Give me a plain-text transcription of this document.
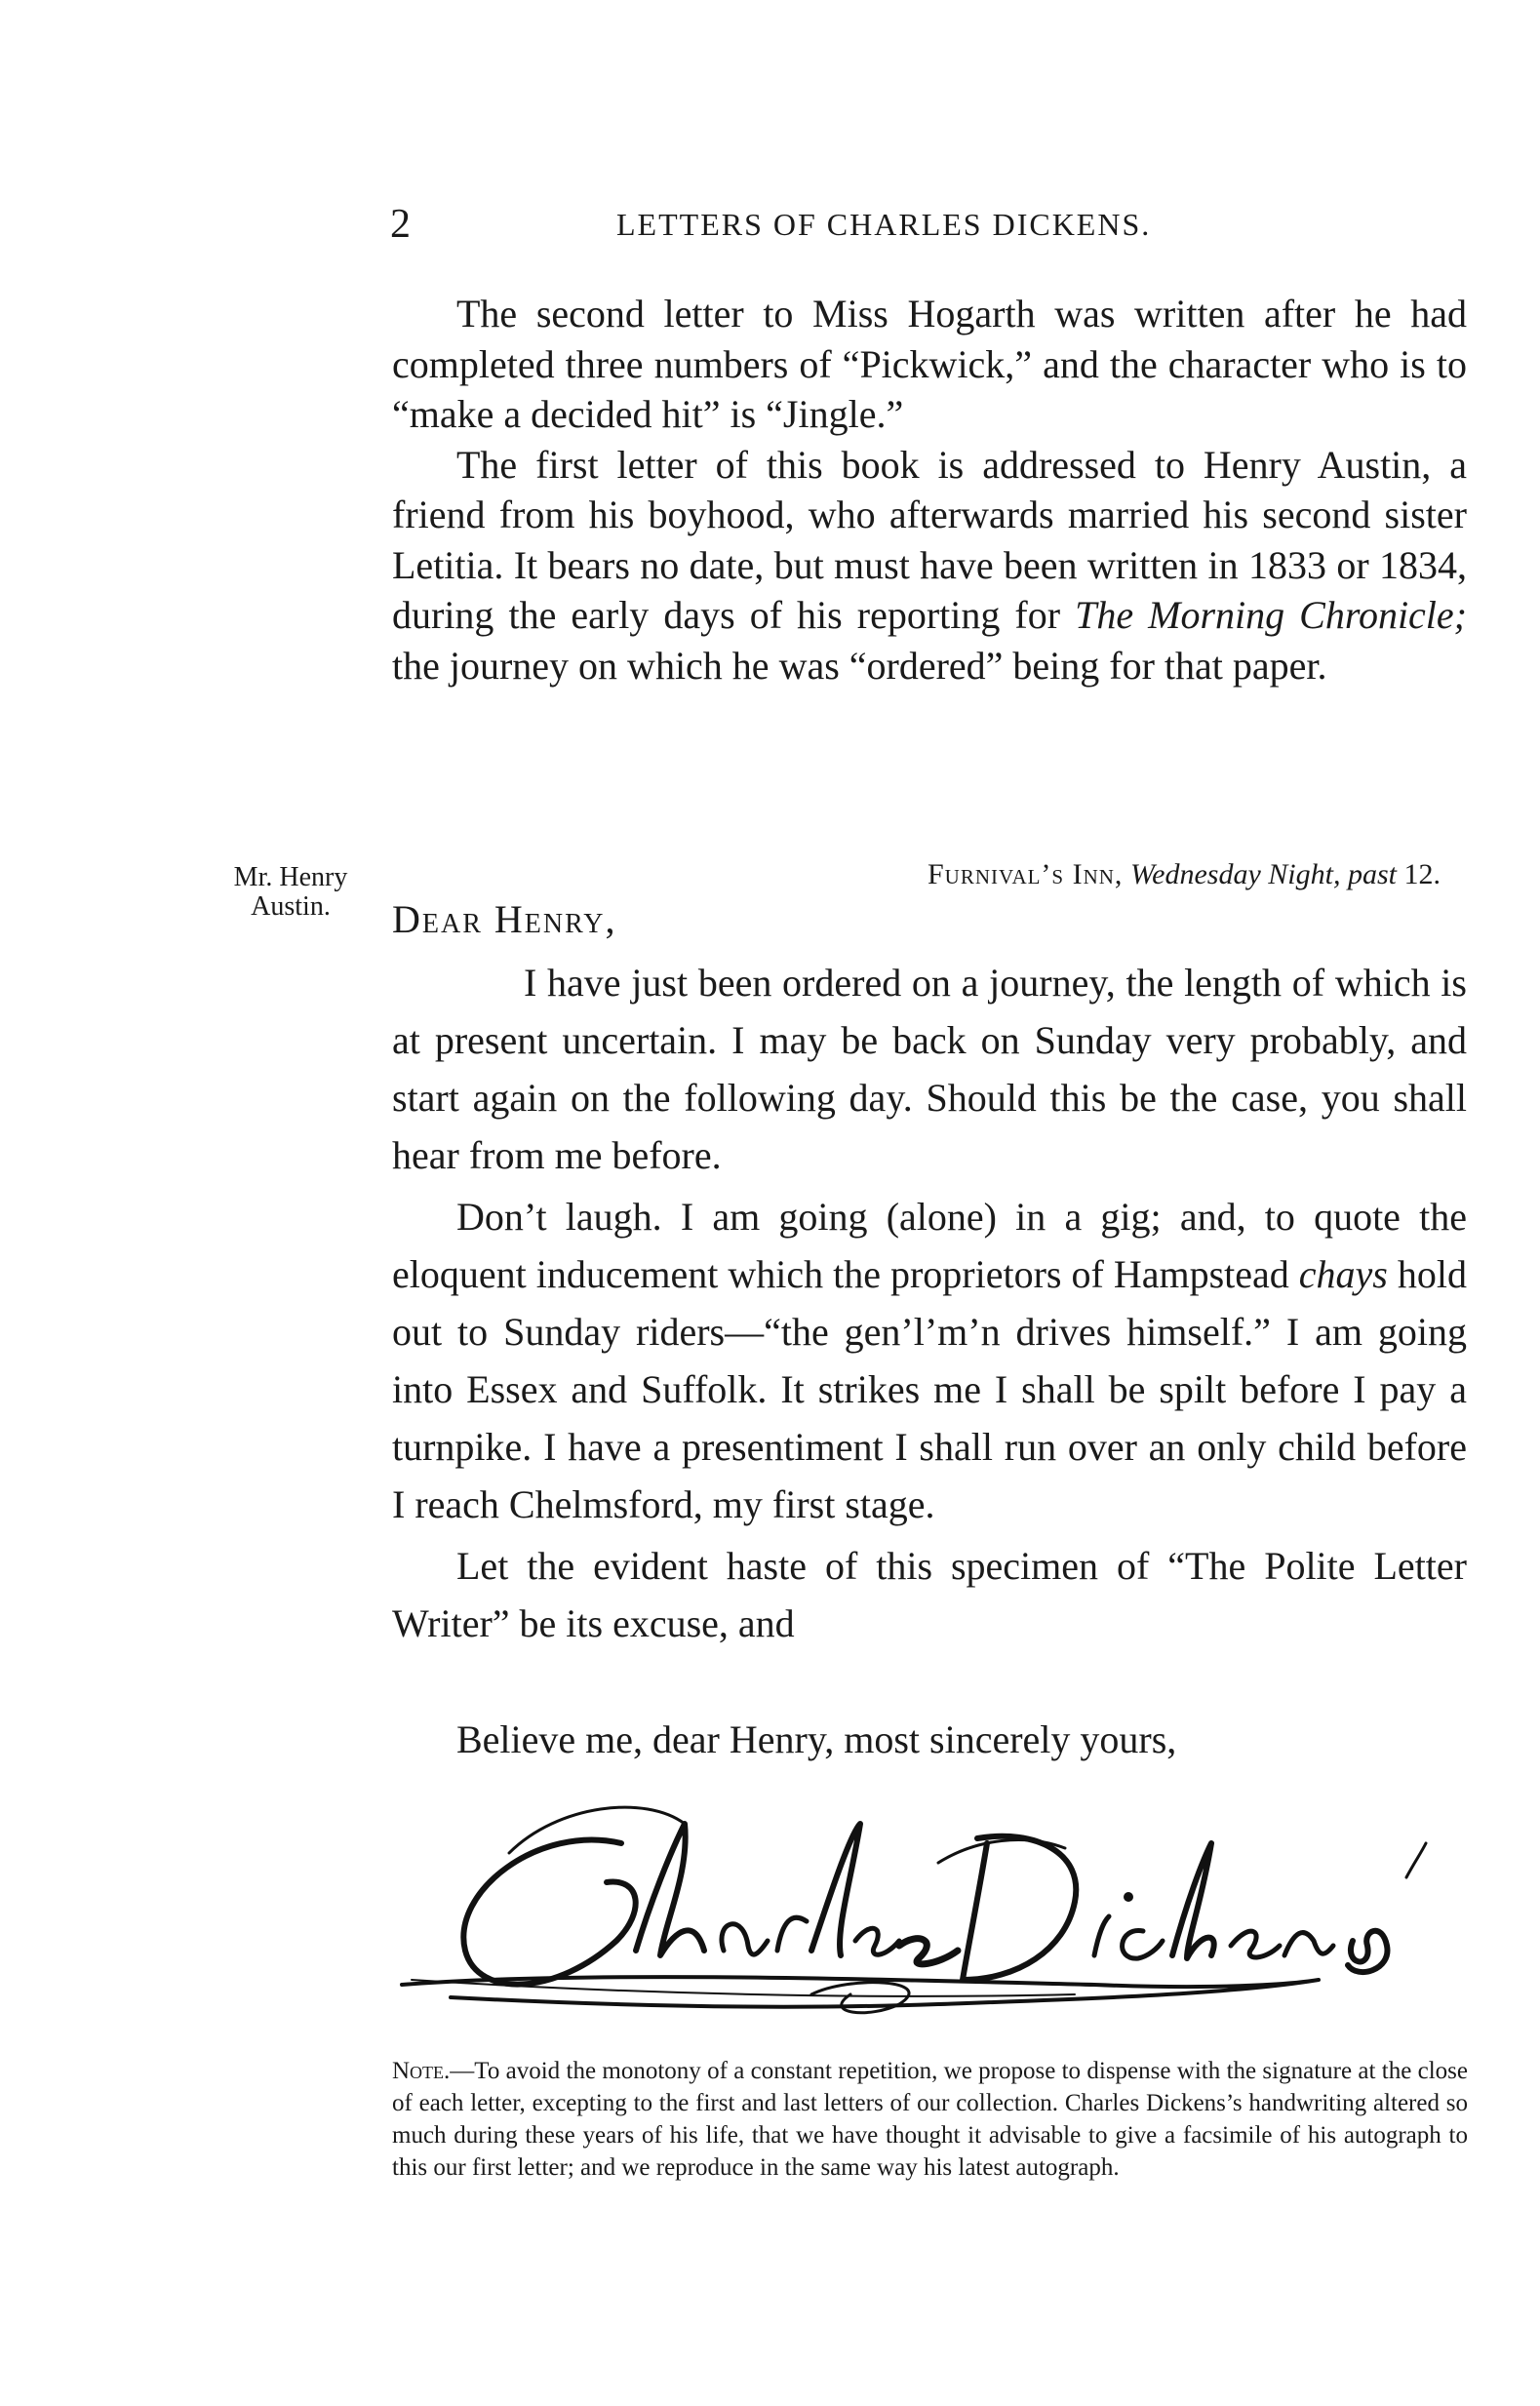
2	LETTERS OF CHARLES DICKENS.

The second letter to Miss Hogarth was written after he had completed three numbers of “Pickwick,” and the character who is to “make a decided hit” is “Jingle.”

The first letter of this book is addressed to Henry Austin, a friend from his boyhood, who afterwards married his second sister Letitia. It bears no date, but must have been written in 1833 or 1834, during the early days of his reporting for The Morning Chronicle; the journey on which he was “ordered” being for that paper.

Mr. Henry
Austin.
Furnival’s Inn, Wednesday Night, past 12.
Dear Henry,

I have just been ordered on a journey, the length of which is at present uncertain. I may be back on Sunday very probably, and start again on the following day. Should this be the case, you shall hear from me before.

Don’t laugh. I am going (alone) in a gig; and, to quote the eloquent inducement which the proprietors of Hampstead chays hold out to Sunday riders—“the gen’l’m’n drives himself.” I am going into Essex and Suffolk. It strikes me I shall be spilt before I pay a turnpike. I have a presentiment I shall run over an only child before I reach Chelmsford, my first stage.

Let the evident haste of this specimen of “The Polite Letter Writer” be its excuse, and

Believe me, dear Henry, most sincerely yours,
Note.—To avoid the monotony of a constant repetition, we propose to dispense with the signature at the close of each letter, excepting to the first and last letters of our collection. Charles Dickens’s handwriting altered so much during these years of his life, that we have thought it advisable to give a facsimile of his autograph to this our first letter; and we reproduce in the same way his latest autograph.
